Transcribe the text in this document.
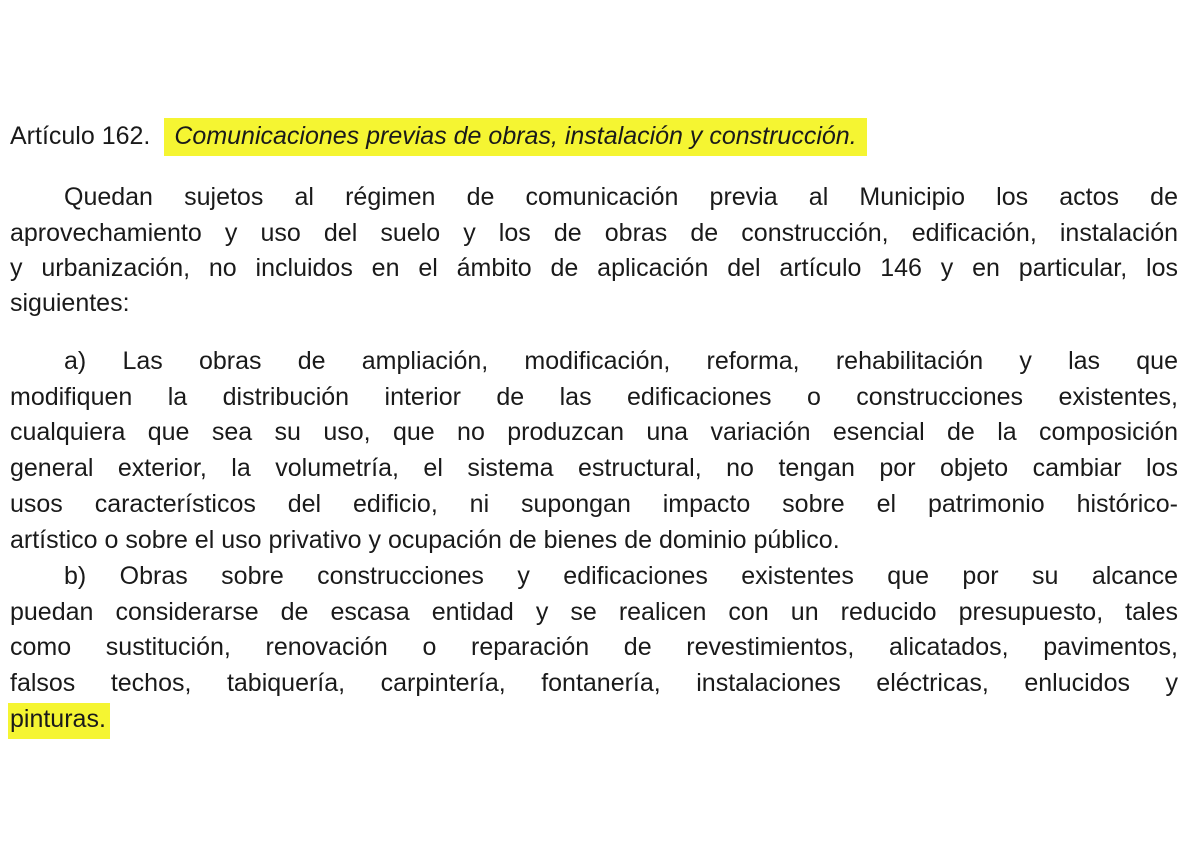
Artículo 162. Comunicaciones previas de obras, instalación y construcción.
Quedan sujetos al régimen de comunicación previa al Municipio los actos de
aprovechamiento y uso del suelo y los de obras de construcción, edificación, instalación
y urbanización, no incluidos en el ámbito de aplicación del artículo 146 y en particular, los
siguientes:
a) Las obras de ampliación, modificación, reforma, rehabilitación y las que
modifiquen la distribución interior de las edificaciones o construcciones existentes,
cualquiera que sea su uso, que no produzcan una variación esencial de la composición
general exterior, la volumetría, el sistema estructural, no tengan por objeto cambiar los
usos característicos del edificio, ni supongan impacto sobre el patrimonio histórico-
artístico o sobre el uso privativo y ocupación de bienes de dominio público.
b) Obras sobre construcciones y edificaciones existentes que por su alcance
puedan considerarse de escasa entidad y se realicen con un reducido presupuesto, tales
como sustitución, renovación o reparación de revestimientos, alicatados, pavimentos,
falsos techos, tabiquería, carpintería, fontanería, instalaciones eléctricas, enlucidos y
pinturas.
